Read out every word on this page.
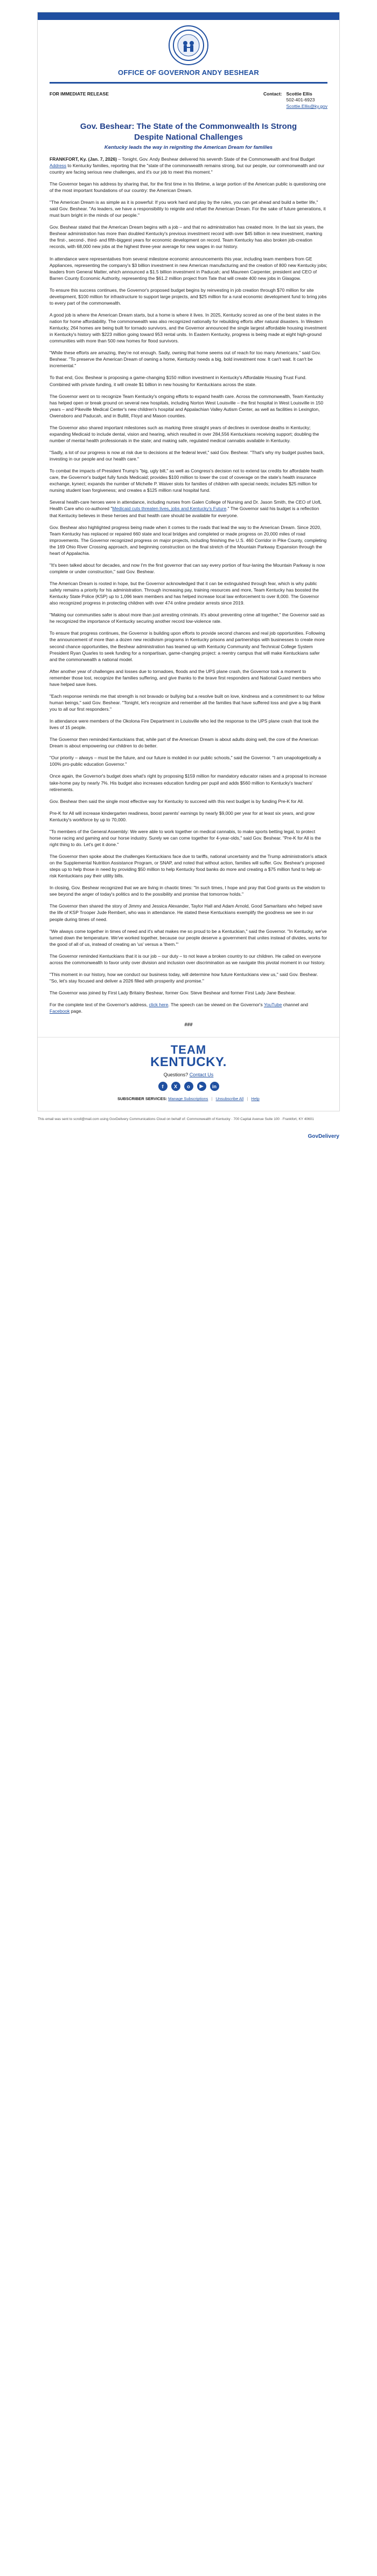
OFFICE OF GOVERNOR ANDY BESHEAR
FOR IMMEDIATE RELEASE	Contact: Scottie Ellis
502-401-6923
Scottie.Ellis@ky.gov
Gov. Beshear: The State of the Commonwealth Is Strong Despite National Challenges
Kentucky leads the way in reigniting the American Dream for families

FRANKFORT, Ky. (Jan. 7, 2026) – Tonight, Gov. Andy Beshear delivered his seventh State of the Commonwealth and final Budget Address to Kentucky families, reporting that the "state of the commonwealth remains strong, but our people, our commonwealth and our country are facing serious new challenges, and it's our job to meet this moment."

The Governor began his address by sharing that, for the first time in his lifetime, a large portion of the American public is questioning one of the most important foundations of our country: the American Dream.

"The American Dream is as simple as it is powerful: If you work hard and play by the rules, you can get ahead and build a better life," said Gov. Beshear. "As leaders, we have a responsibility to reignite and refuel the American Dream. For the sake of future generations, it must burn bright in the minds of our people."

Gov. Beshear stated that the American Dream begins with a job – and that no administration has created more. In the last six years, the Beshear administration has more than doubled Kentucky's previous investment record with over $45 billion in new investment, marking the first-, second-, third- and fifth-biggest years for economic development on record. Team Kentucky has also broken job-creation records, with 68,000 new jobs at the highest three-year average for new wages in our history.

In attendance were representatives from several milestone economic announcements this year, including team members from GE Appliances, representing the company's $3 billion investment in new American manufacturing and the creation of 800 new Kentucky jobs; leaders from General Matter, which announced a $1.5 billion investment in Paducah; and Maureen Carpenter, president and CEO of Barren County Economic Authority, representing the $61.2 million project from Tate that will create 400 new jobs in Glasgow.

To ensure this success continues, the Governor's proposed budget begins by reinvesting in job creation through $70 million for site development, $100 million for infrastructure to support large projects, and $25 million for a rural economic development fund to bring jobs to every part of the commonwealth.

A good job is where the American Dream starts, but a home is where it lives. In 2025, Kentucky scored as one of the best states in the nation for home affordability. The commonwealth was also recognized nationally for rebuilding efforts after natural disasters. In Western Kentucky, 264 homes are being built for tornado survivors, and the Governor announced the single largest affordable housing investment in Kentucky's history with $223 million going toward 953 rental units. In Eastern Kentucky, progress is being made at eight high-ground communities with more than 500 new homes for flood survivors.

"While these efforts are amazing, they're not enough. Sadly, owning that home seems out of reach for too many Americans," said Gov. Beshear. "To preserve the American Dream of owning a home, Kentucky needs a big, bold investment now. It can't wait. It can't be incremental."

To that end, Gov. Beshear is proposing a game-changing $150 million investment in Kentucky's Affordable Housing Trust Fund. Combined with private funding, it will create $1 billion in new housing for Kentuckians across the state.

The Governor went on to recognize Team Kentucky's ongoing efforts to expand health care. Across the commonwealth, Team Kentucky has helped open or break ground on several new hospitals, including Norton West Louisville – the first hospital in West Louisville in 150 years – and Pikeville Medical Center's new children's hospital and Appalachian Valley Autism Center, as well as facilities in Lexington, Owensboro and Paducah, and in Bullitt, Floyd and Mason counties.

The Governor also shared important milestones such as marking three straight years of declines in overdose deaths in Kentucky; expanding Medicaid to include dental, vision and hearing, which resulted in over 284,556 Kentuckians receiving support; doubling the number of mental health professionals in the state; and making safe, regulated medical cannabis available in Kentucky.

"Sadly, a lot of our progress is now at risk due to decisions at the federal level," said Gov. Beshear. "That's why my budget pushes back, investing in our people and our health care."

To combat the impacts of President Trump's "big, ugly bill," as well as Congress's decision not to extend tax credits for affordable health care, the Governor's budget fully funds Medicaid; provides $100 million to lower the cost of coverage on the state's health insurance exchange, kynect; expands the number of Michelle P. Waiver slots for families of children with special needs; includes $25 million for nursing student loan forgiveness; and creates a $125 million rural hospital fund.

Several health-care heroes were in attendance, including nurses from Galen College of Nursing and Dr. Jason Smith, the CEO of UofL Health Care who co-authored "Medicaid cuts threaten lives, jobs and Kentucky's Future." The Governor said his budget is a reflection that Kentucky believes in these heroes and that health care should be available for everyone.

Gov. Beshear also highlighted progress being made when it comes to the roads that lead the way to the American Dream. Since 2020, Team Kentucky has replaced or repaired 660 state and local bridges and completed or made progress on 20,000 miles of road improvements. The Governor recognized progress on major projects, including finishing the U.S. 460 Corridor in Pike County, completing the 169 Ohio River Crossing approach, and beginning construction on the final stretch of the Mountain Parkway Expansion through the heart of Appalachia.

"It's been talked about for decades, and now I'm the first governor that can say every portion of four-laning the Mountain Parkway is now complete or under construction," said Gov. Beshear.

The American Dream is rooted in hope, but the Governor acknowledged that it can be extinguished through fear, which is why public safety remains a priority for his administration. Through increasing pay, training resources and more, Team Kentucky has boosted the Kentucky State Police (KSP) up to 1,096 team members and has helped increase local law enforcement to over 8,000. The Governor also recognized progress in protecting children with over 474 online predator arrests since 2019.

"Making our communities safer is about more than just arresting criminals. It's about preventing crime all together," the Governor said as he recognized the importance of Kentucky securing another record low-violence rate.

To ensure that progress continues, the Governor is building upon efforts to provide second chances and real job opportunities. Following the announcement of more than a dozen new recidivism programs in Kentucky prisons and partnerships with businesses to create more second chance opportunities, the Beshear administration has teamed up with Kentucky Community and Technical College System President Ryan Quarles to seek funding for a nonpartisan, game-changing project: a reentry campus that will make Kentuckians safer and the commonwealth a national model.

After another year of challenges and losses due to tornadoes, floods and the UPS plane crash, the Governor took a moment to remember those lost, recognize the families suffering, and give thanks to the brave first responders and National Guard members who have helped save lives.

"Each response reminds me that strength is not bravado or bullying but a resolve built on love, kindness and a commitment to our fellow human beings," said Gov. Beshear. "Tonight, let's recognize and remember all the families that have suffered loss and give a big thank you to all our first responders."

In attendance were members of the Okolona Fire Department in Louisville who led the response to the UPS plane crash that took the lives of 15 people.

The Governor then reminded Kentuckians that, while part of the American Dream is about adults doing well, the core of the American Dream is about empowering our children to do better.

"Our priority – always – must be the future, and our future is molded in our public schools," said the Governor. "I am unapologetically a 100% pro-public education Governor."

Once again, the Governor's budget does what's right by proposing $159 million for mandatory educator raises and a proposal to increase take-home pay by nearly 7%. His budget also increases education funding per pupil and adds $560 million to Kentucky's teachers' retirements.

Gov. Beshear then said the single most effective way for Kentucky to succeed with this next budget is by funding Pre-K for All.

Pre-K for All will increase kindergarten readiness, boost parents' earnings by nearly $9,000 per year for at least six years, and grow Kentucky's workforce by up to 70,000.

"To members of the General Assembly: We were able to work together on medical cannabis, to make sports betting legal, to protect horse racing and gaming and our horse industry. Surely we can come together for 4-year-olds," said Gov. Beshear. "Pre-K for All is the right thing to do. Let's get it done."

The Governor then spoke about the challenges Kentuckians face due to tariffs, national uncertainty and the Trump administration's attack on the Supplemental Nutrition Assistance Program, or SNAP, and noted that without action, families will suffer. Gov. Beshear's proposed steps up to help those in need by providing $50 million to help Kentucky food banks do more and creating a $75 million fund to help at-risk Kentuckians pay their utility bills.

In closing, Gov. Beshear recognized that we are living in chaotic times: "In such times, I hope and pray that God grants us the wisdom to see beyond the anger of today's politics and to the possibility and promise that tomorrow holds."

The Governor then shared the story of Jimmy and Jessica Alexander, Taylor Hall and Adam Arnold, Good Samaritans who helped save the life of KSP Trooper Jude Rembert, who was in attendance. He stated these Kentuckians exemplify the goodness we see in our people during times of need.

"We always come together in times of need and it's what makes me so proud to be a Kentuckian," said the Governor. "In Kentucky, we've turned down the temperature. We've worked together, because our people deserve a government that unites instead of divides, works for the good of all of us, instead of creating an 'us' versus a 'them.'"

The Governor reminded Kentuckians that it is our job – our duty – to not leave a broken country to our children. He called on everyone across the commonwealth to favor unity over division and inclusion over discrimination as we navigate this pivotal moment in our history.

"This moment in our history, how we conduct our business today, will determine how future Kentuckians view us," said Gov. Beshear. "So, let's stay focused and deliver a 2026 filled with prosperity and promise."

The Governor was joined by First Lady Britainy Beshear, former Gov. Steve Beshear and former First Lady Jane Beshear.

For the complete text of the Governor's address, click here. The speech can be viewed on the Governor's YouTube channel and Facebook page.

###
TEAM
KENTUCKY.
Questions? Contact Us
f	X	o	▶	in
SUBSCRIBER SERVICES: Manage Subscriptions | Unsubscribe All | Help
This email was sent to scroll@mail.com using GovDelivery Communications Cloud on behalf of: Commonwealth of Kentucky · 700 Capital Avenue Suite 100 · Frankfort, KY 40601
GovDelivery
